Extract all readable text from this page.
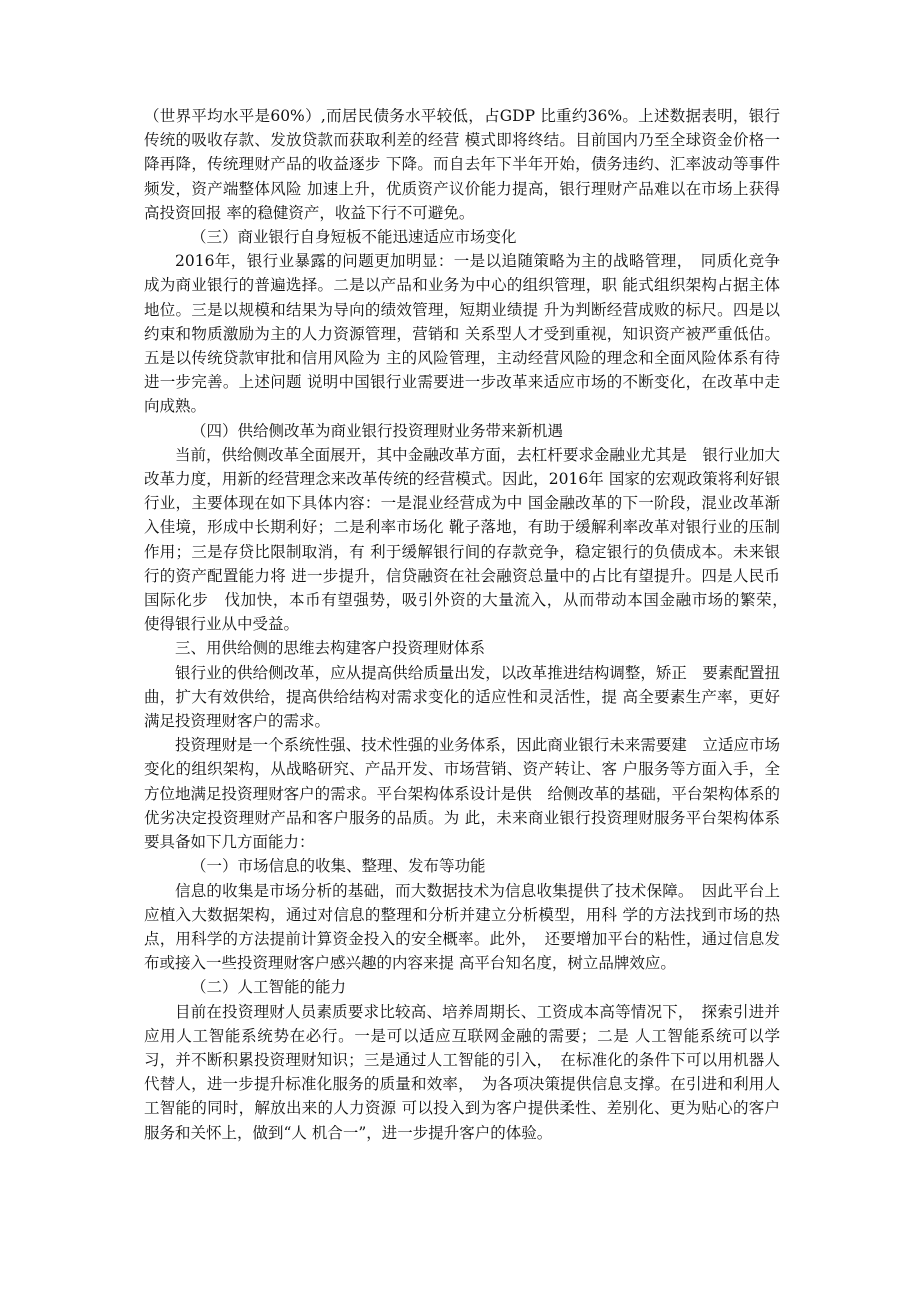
（世界平均水平是60%）,而居民债务水平较低，占GDP 比重约36%。上述数据表明，银行传统的吸收存款、发放贷款而获取利差的经营 模式即将终结。目前国内乃至全球资金价格一降再降，传统理财产品的收益逐步 下降。而自去年下半年开始，债务违约、汇率波动等事件频发，资产端整体风险 加速上升，优质资产议价能力提高，银行理财产品难以在市场上获得高投资回报 率的稳健资产，收益下行不可避免。

（三）商业银行自身短板不能迅速适应市场变化

2016年，银行业暴露的问题更加明显：一是以追随策略为主的战略管理，　同质化竞争成为商业银行的普遍选择。二是以产品和业务为中心的组织管理，职 能式组织架构占据主体地位。三是以规模和结果为导向的绩效管理，短期业绩提 升为判断经营成败的标尺。四是以约束和物质激励为主的人力资源管理，营销和 关系型人才受到重视，知识资产被严重低估。五是以传统贷款审批和信用风险为 主的风险管理，主动经营风险的理念和全面风险体系有待进一步完善。上述问题 说明中国银行业需要进一步改革来适应市场的不断变化，在改革中走向成熟。

（四）供给侧改革为商业银行投资理财业务带来新机遇

当前，供给侧改革全面展开，其中金融改革方面，去杠杆要求金融业尤其是　银行业加大改革力度，用新的经营理念来改革传统的经营模式。因此，2016年 国家的宏观政策将利好银行业，主要体现在如下具体内容：一是混业经营成为中 国金融改革的下一阶段，混业改革渐入佳境，形成中长期利好；二是利率市场化 靴子落地，有助于缓解利率改革对银行业的压制作用；三是存贷比限制取消，有 利于缓解银行间的存款竞争，稳定银行的负债成本。未来银行的资产配置能力将 进一步提升，信贷融资在社会融资总量中的占比有望提升。四是人民币国际化步　伐加快，本币有望强势，吸引外资的大量流入，从而带动本国金融市场的繁荣，　使得银行业从中受益。

三、用供给侧的思维去构建客户投资理财体系

银行业的供给侧改革，应从提高供给质量出发，以改革推进结构调整，矫正　要素配置扭曲，扩大有效供给，提高供给结构对需求变化的适应性和灵活性，提 高全要素生产率，更好满足投资理财客户的需求。

投资理财是一个系统性强、技术性强的业务体系，因此商业银行未来需要建　立适应市场变化的组织架构，从战略研究、产品开发、市场营销、资产转让、客 户服务等方面入手，全方位地满足投资理财客户的需求。平台架构体系设计是供　给侧改革的基础，平台架构体系的优劣决定投资理财产品和客户服务的品质。为 此，未来商业银行投资理财服务平台架构体系要具备如下几方面能力：

（一）市场信息的收集、整理、发布等功能

信息的收集是市场分析的基础，而大数据技术为信息收集提供了技术保障。　因此平台上应植入大数据架构，通过对信息的整理和分析并建立分析模型，用科 学的方法找到市场的热点，用科学的方法提前计算资金投入的安全概率。此外，　还要增加平台的粘性，通过信息发布或接入一些投资理财客户感兴趣的内容来提 高平台知名度，树立品牌效应。

（二）人工智能的能力

目前在投资理财人员素质要求比较高、培养周期长、工资成本高等情况下，　探索引进并应用人工智能系统势在必行。一是可以适应互联网金融的需要；二是 人工智能系统可以学习，并不断积累投资理财知识；三是通过人工智能的引入，　在标准化的条件下可以用机器人代替人，进一步提升标准化服务的质量和效率，　为各项决策提供信息支撑。在引进和利用人工智能的同时，解放出来的人力资源 可以投入到为客户提供柔性、差别化、更为贴心的客户服务和关怀上，做到“人 机合一”，进一步提升客户的体验。
